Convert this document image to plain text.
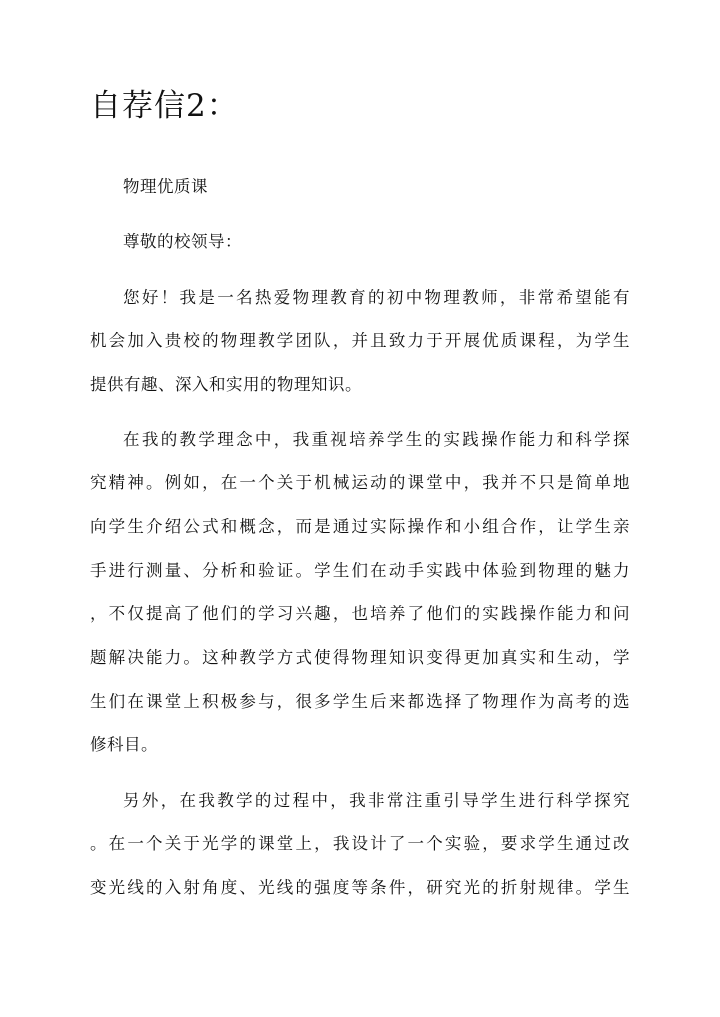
自荐信2：
物理优质课
尊敬的校领导：
您好！我是一名热爱物理教育的初中物理教师，非常希望能有
机会加入贵校的物理教学团队，并且致力于开展优质课程，为学生
提供有趣、深入和实用的物理知识。
在我的教学理念中，我重视培养学生的实践操作能力和科学探
究精神。例如，在一个关于机械运动的课堂中，我并不只是简单地
向学生介绍公式和概念，而是通过实际操作和小组合作，让学生亲
手进行测量、分析和验证。学生们在动手实践中体验到物理的魅力
，不仅提高了他们的学习兴趣，也培养了他们的实践操作能力和问
题解决能力。这种教学方式使得物理知识变得更加真实和生动，学
生们在课堂上积极参与，很多学生后来都选择了物理作为高考的选
修科目。
另外，在我教学的过程中，我非常注重引导学生进行科学探究
。在一个关于光学的课堂上，我设计了一个实验，要求学生通过改
变光线的入射角度、光线的强度等条件，研究光的折射规律。学生
